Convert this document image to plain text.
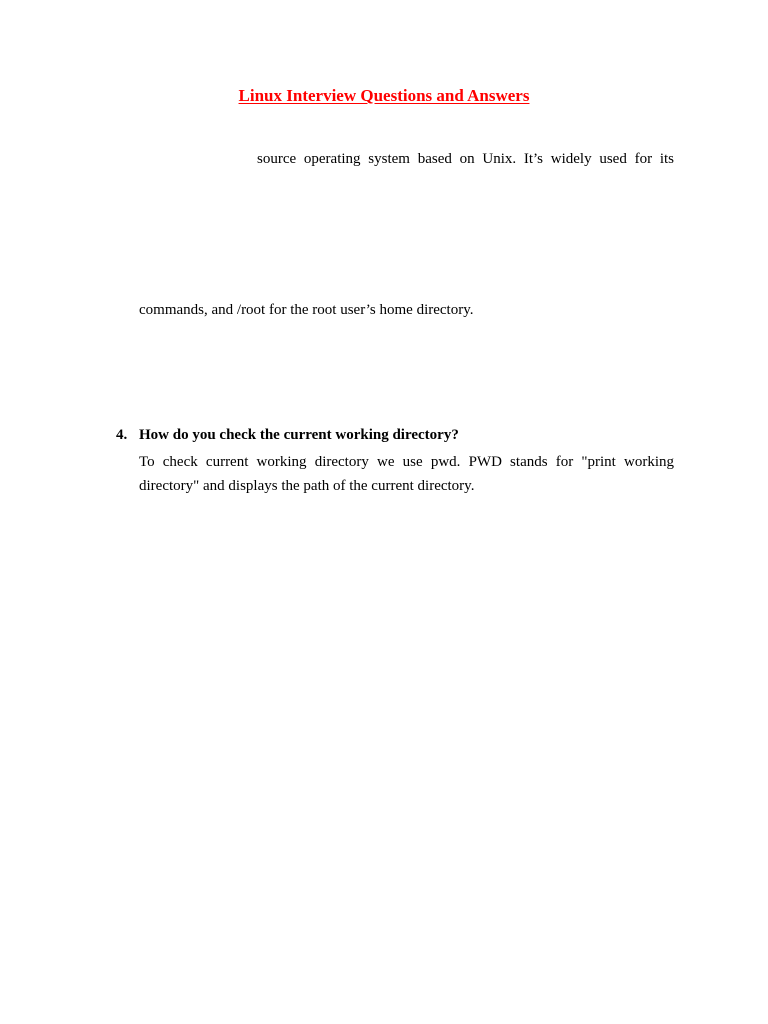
Linux Interview Questions and Answers
source operating system based on Unix. It’s widely used for its
commands, and /root for the root user’s home directory.
4. How do you check the current working directory?
To check current working directory we use pwd. PWD stands for "print working
directory" and displays the path of the current directory.
